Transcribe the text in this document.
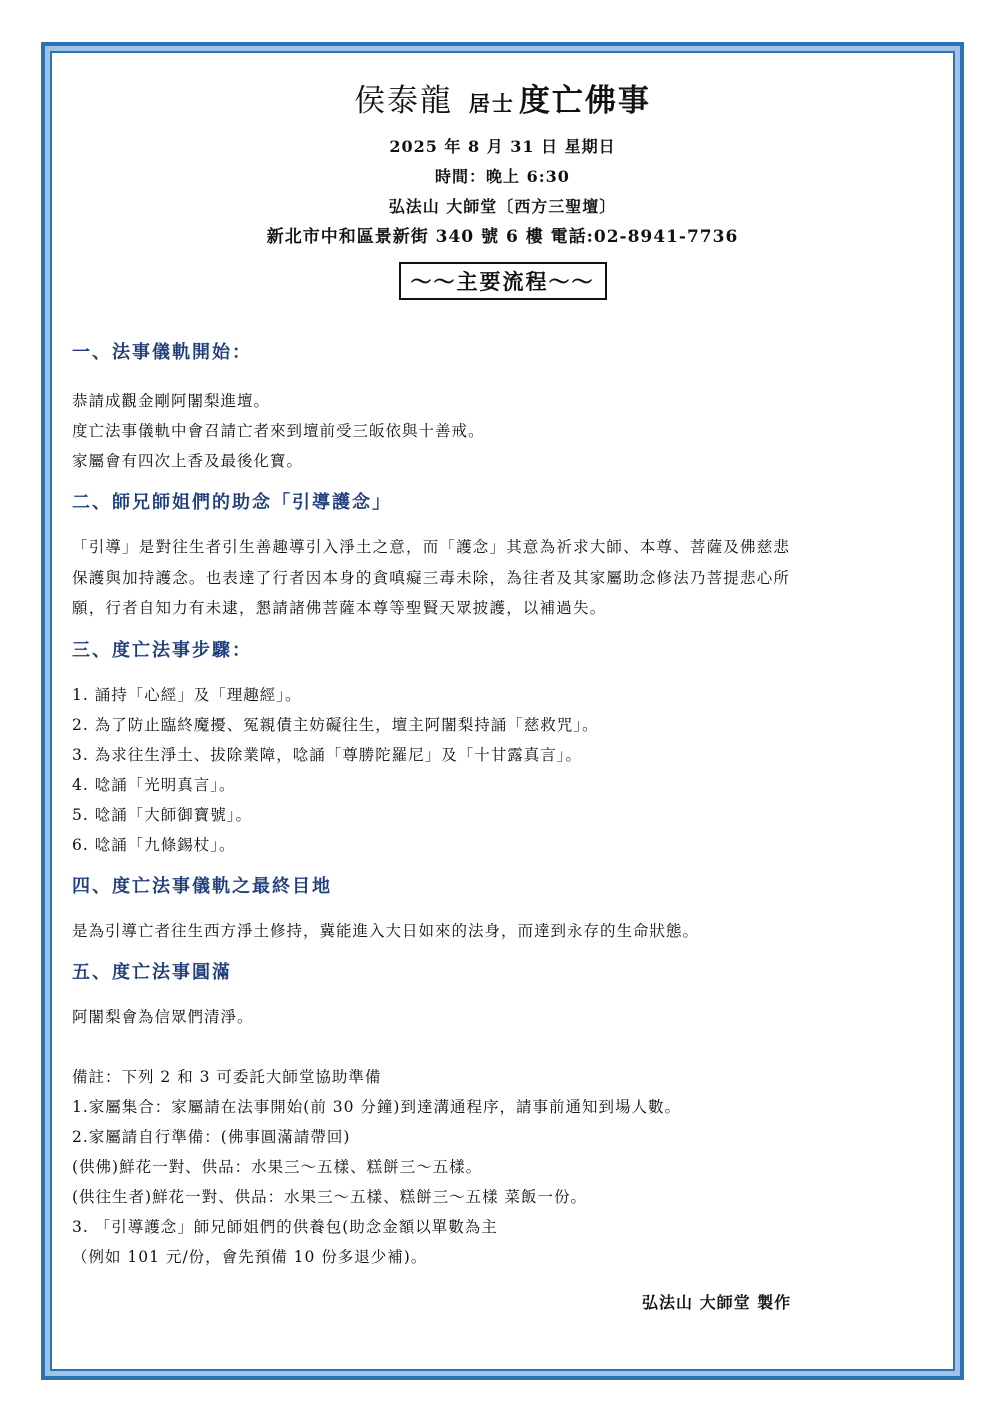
侯泰龍 居士 度亡佛事

2025 年 8 月 31 日 星期日

時間：晚上 6:30

弘法山 大師堂〔西方三聖壇〕

新北市中和區景新街 340 號 6 樓 電話:02-8941-7736

～～主要流程～～
一、法事儀軌開始：

恭請成觀金剛阿闍梨進壇。

度亡法事儀軌中會召請亡者來到壇前受三皈依與十善戒。

家屬會有四次上香及最後化寶。

二、師兄師姐們的助念「引導護念」

「引導」是對往生者引生善趣導引入淨土之意，而「護念」其意為祈求大師、本尊、菩薩及佛慈悲

保護與加持護念。也表達了行者因本身的貪嗔癡三毒未除，為往者及其家屬助念修法乃菩提悲心所

願，行者自知力有未逮，懇請諸佛菩薩本尊等聖賢天眾披護，以補過失。

三、度亡法事步驟：

1. 誦持「心經」及「理趣經」。

2. 為了防止臨終魔擾、冤親債主妨礙往生，壇主阿闍梨持誦「慈救咒」。

3. 為求往生淨土、拔除業障，唸誦「尊勝陀羅尼」及「十甘露真言」。

4. 唸誦「光明真言」。

5. 唸誦「大師御寶號」。

6. 唸誦「九條錫杖」。

四、度亡法事儀軌之最終目地

是為引導亡者往生西方淨土修持，冀能進入大日如來的法身，而達到永存的生命狀態。

五、度亡法事圓滿

阿闍梨會為信眾們清淨。

備註：下列 2 和 3 可委託大師堂協助準備

1.家屬集合：家屬請在法事開始(前 30 分鐘)到達溝通程序，請事前通知到場人數。

2.家屬請自行準備：(佛事圓滿請帶回)

(供佛)鮮花一對、供品：水果三～五樣、糕餅三～五樣。

(供往生者)鮮花一對、供品：水果三～五樣、糕餅三～五樣 菜飯一份。

3. 「引導護念」師兄師姐們的供養包(助念金額以單數為主

（例如 101 元/份，會先預備 10 份多退少補)。

弘法山 大師堂 製作
